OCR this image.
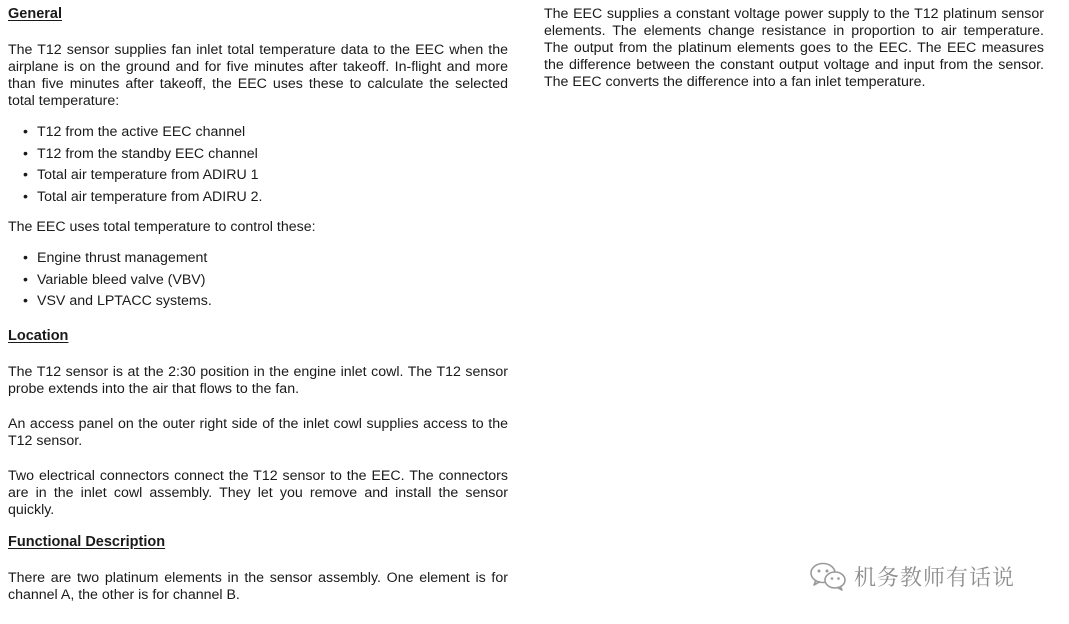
General

The T12 sensor supplies fan inlet total temperature data to the EEC when the airplane is on the ground and for five minutes after takeoff. In-flight and more than five minutes after takeoff, the EEC uses these to calculate the selected total temperature:

• T12 from the active EEC channel
• T12 from the standby EEC channel
• Total air temperature from ADIRU 1
• Total air temperature from ADIRU 2.

The EEC uses total temperature to control these:

• Engine thrust management
• Variable bleed valve (VBV)
• VSV and LPTACC systems.

Location

The T12 sensor is at the 2:30 position in the engine inlet cowl. The T12 sensor probe extends into the air that flows to the fan.

An access panel on the outer right side of the inlet cowl supplies access to the T12 sensor.

Two electrical connectors connect the T12 sensor to the EEC. The connectors are in the inlet cowl assembly. They let you remove and install the sensor quickly.

Functional Description

There are two platinum elements in the sensor assembly. One element is for channel A, the other is for channel B.

The EEC supplies a constant voltage power supply to the T12 platinum sensor elements. The elements change resistance in proportion to air temperature. The output from the platinum elements goes to the EEC. The EEC measures the difference between the constant output voltage and input from the sensor. The EEC converts the difference into a fan inlet temperature.

机务教师有话说
